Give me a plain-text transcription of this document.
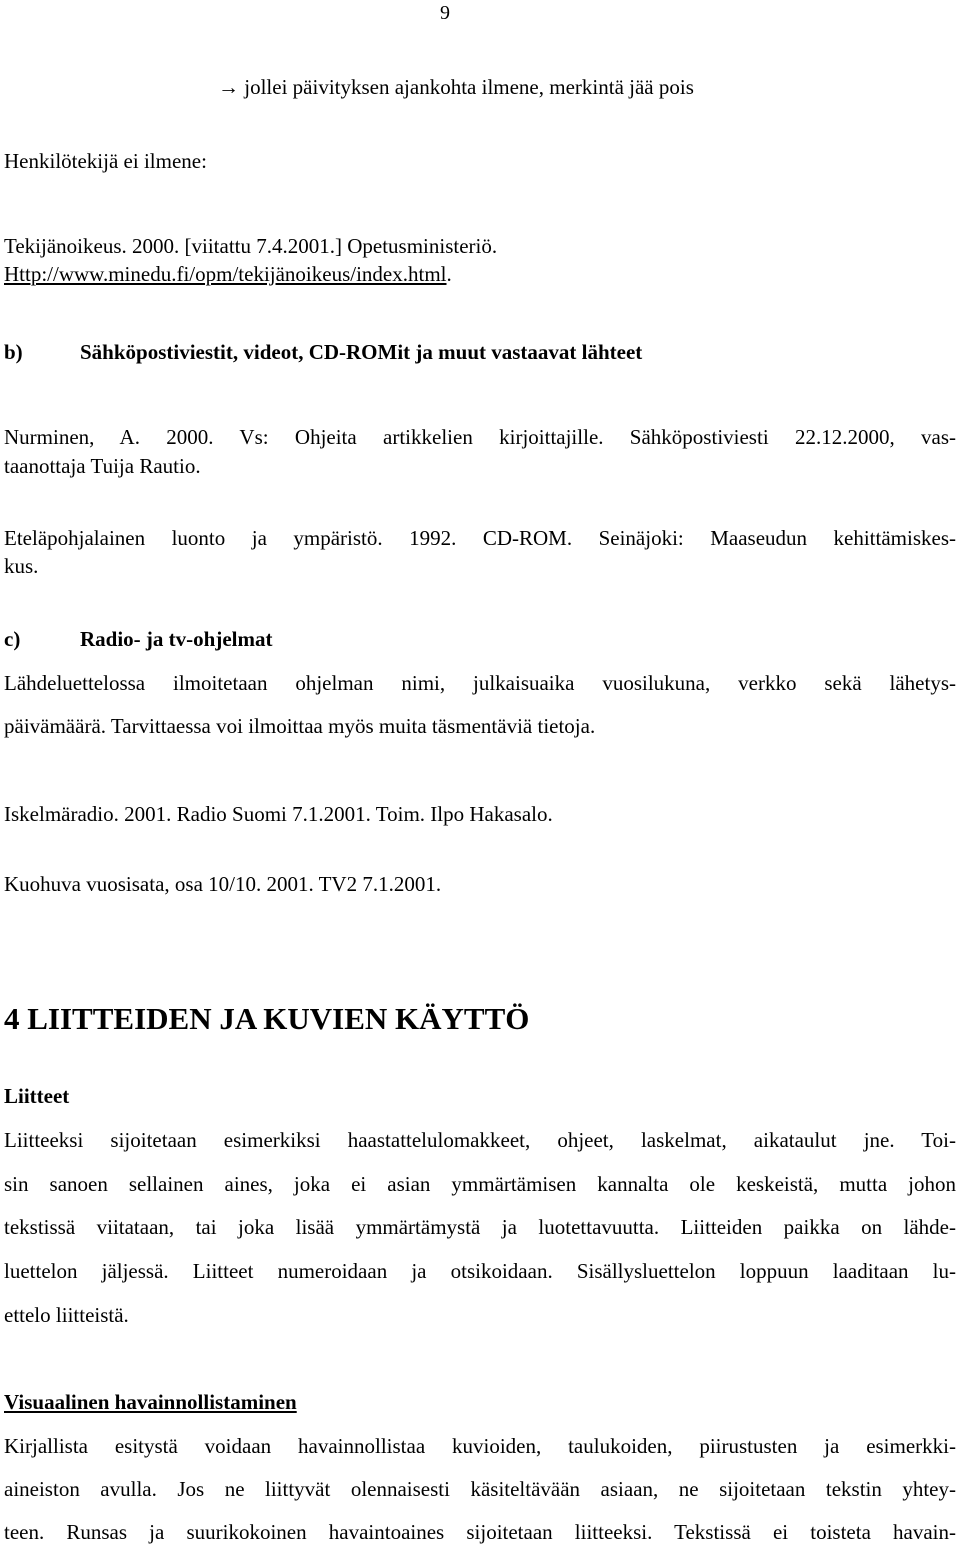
9
→ jollei päivityksen ajankohta ilmene, merkintä jää pois
Henkilötekijä ei ilmene:
Tekijänoikeus. 2000. [viitattu 7.4.2001.] Opetusministeriö.
Http://www.minedu.fi/opm/tekijänoikeus/index.html.
b)	Sähköpostiviestit, videot, CD-ROMit ja muut vastaavat lähteet
Nurminen, A. 2000. Vs: Ohjeita artikkelien kirjoittajille. Sähköpostiviesti 22.12.2000, vas-
taanottaja Tuija Rautio.
Eteläpohjalainen luonto ja ympäristö. 1992. CD-ROM. Seinäjoki: Maaseudun kehittämiskes-
kus.
c)	Radio- ja tv-ohjelmat
Lähdeluettelossa ilmoitetaan ohjelman nimi, julkaisuaika vuosilukuna, verkko sekä lähetys-
päivämäärä. Tarvittaessa voi ilmoittaa myös muita täsmentäviä tietoja.
Iskelmäradio. 2001. Radio Suomi 7.1.2001. Toim. Ilpo Hakasalo.
Kuohuva vuosisata, osa 10/10. 2001. TV2 7.1.2001.
4 LIITTEIDEN JA KUVIEN KÄYTTÖ
Liitteet
Liitteeksi sijoitetaan esimerkiksi haastattelulomakkeet, ohjeet, laskelmat, aikataulut jne. Toi-
sin sanoen sellainen aines, joka ei asian ymmärtämisen kannalta ole keskeistä, mutta johon
tekstissä viitataan, tai joka lisää ymmärtämystä ja luotettavuutta. Liitteiden paikka on lähde-
luettelon jäljessä. Liitteet numeroidaan ja otsikoidaan. Sisällysluettelon loppuun laaditaan lu-
ettelo liitteistä.
Visuaalinen havainnollistaminen
Kirjallista esitystä voidaan havainnollistaa kuvioiden, taulukoiden, piirustusten ja esimerkki-
aineiston avulla. Jos ne liittyvät olennaisesti käsiteltävään asiaan, ne sijoitetaan tekstin yhtey-
teen. Runsas ja suurikokoinen havaintoaines sijoitetaan liitteeksi. Tekstissä ei toisteta havain-
